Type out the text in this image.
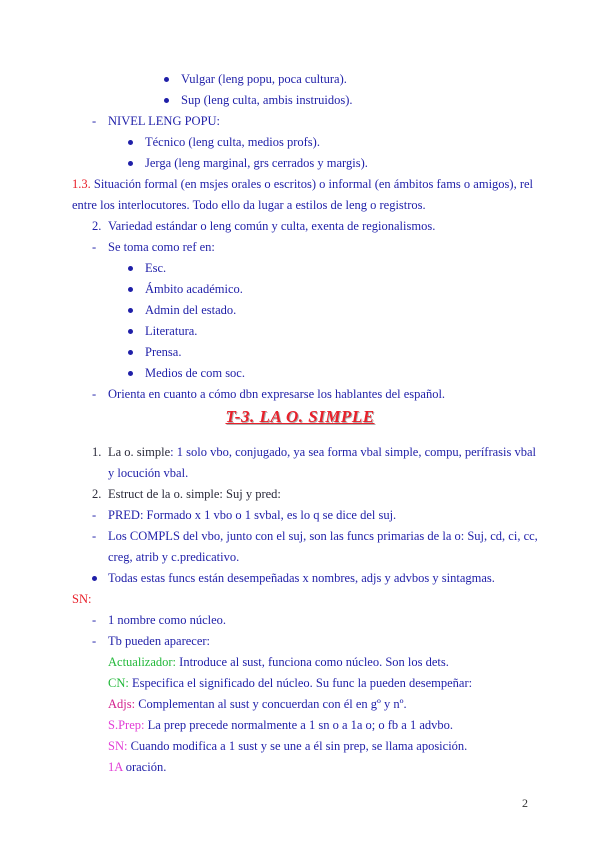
Vulgar (leng popu, poca cultura).
Sup (leng culta, ambis instruidos).
- NIVEL LENG POPU:
Técnico (leng culta, medios profs).
Jerga (leng marginal, grs cerrados y margis).
1.3. Situación formal (en msjes orales o escritos) o informal (en ámbitos fams o amigos), rel
entre los interlocutores. Todo ello da lugar a estilos de leng o registros.
2. Variedad estándar o leng común y culta, exenta de regionalismos.
- Se toma como ref en:
Esc.
Ámbito académico.
Admin del estado.
Literatura.
Prensa.
Medios de com soc.
- Orienta en cuanto a cómo dbn expresarse los hablantes del español.
T-3. LA O. SIMPLE
1. La o. simple: 1 solo vbo, conjugado, ya sea forma vbal simple, compu, perífrasis vbal
y locución vbal.
2. Estruct de la o. simple: Suj y pred:
- PRED: Formado x 1 vbo o 1 svbal, es lo q se dice del suj.
- Los COMPLS del vbo, junto con el suj, son las funcs primarias de la o: Suj, cd, ci, cc,
creg, atrib y c.predicativo.
Todas estas funcs están desempeñadas x nombres, adjs y advbos y sintagmas.
SN:
- 1 nombre como núcleo.
- Tb pueden aparecer:
Actualizador: Introduce al sust, funciona como núcleo. Son los dets.
CN: Especifica el significado del núcleo. Su func la pueden desempeñar:
Adjs: Complementan al sust y concuerdan con él en gº y nº.
S.Prep: La prep precede normalmente a 1 sn o a 1a o; o fb a 1 advbo.
SN: Cuando modifica a 1 sust y se une a él sin prep, se llama aposición.
1A oración.
2
